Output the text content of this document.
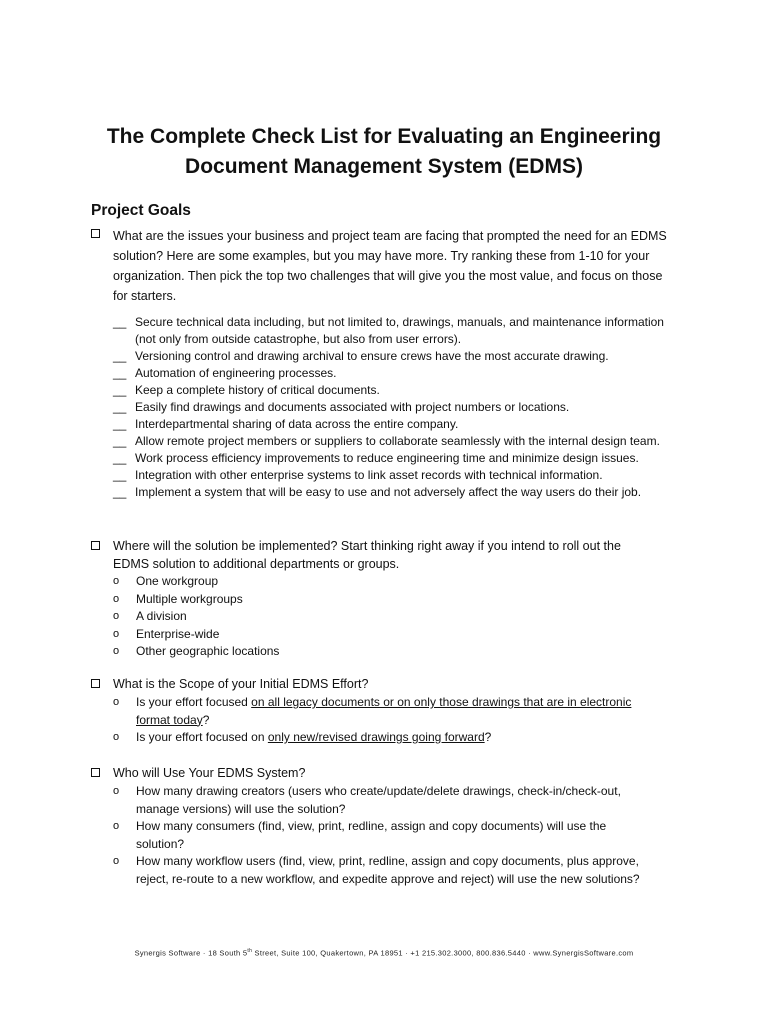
The Complete Check List for Evaluating an Engineering
Document Management System (EDMS)
Project Goals
What are the issues your business and project team are facing that prompted the need for an EDMS
solution? Here are some examples, but you may have more. Try ranking these from 1-10 for your
organization. Then pick the top two challenges that will give you the most value, and focus on those
for starters.
__ Secure technical data including, but not limited to, drawings, manuals, and maintenance information (not only from outside catastrophe, but also from user errors).
__ Versioning control and drawing archival to ensure crews have the most accurate drawing.
__ Automation of engineering processes.
__ Keep a complete history of critical documents.
__ Easily find drawings and documents associated with project numbers or locations.
__ Interdepartmental sharing of data across the entire company.
__ Allow remote project members or suppliers to collaborate seamlessly with the internal design team.
__ Work process efficiency improvements to reduce engineering time and minimize design issues.
__ Integration with other enterprise systems to link asset records with technical information.
__ Implement a system that will be easy to use and not adversely affect the way users do their job.
Where will the solution be implemented? Start thinking right away if you intend to roll out the
EDMS solution to additional departments or groups.
o One workgroup
o Multiple workgroups
o A division
o Enterprise-wide
o Other geographic locations
What is the Scope of your Initial EDMS Effort?
o Is your effort focused on all legacy documents or on only those drawings that are in electronic
format today?
o Is your effort focused on only new/revised drawings going forward?
Who will Use Your EDMS System?
o How many drawing creators (users who create/update/delete drawings, check-in/check-out,
manage versions) will use the solution?
o How many consumers (find, view, print, redline, assign and copy documents) will use the
solution?
o How many workflow users (find, view, print, redline, assign and copy documents, plus approve,
reject, re-route to a new workflow, and expedite approve and reject) will use the new solutions?
Synergis Software · 18 South 5th Street, Suite 100, Quakertown, PA 18951 · +1 215.302.3000, 800.836.5440 · www.SynergisSoftware.com
